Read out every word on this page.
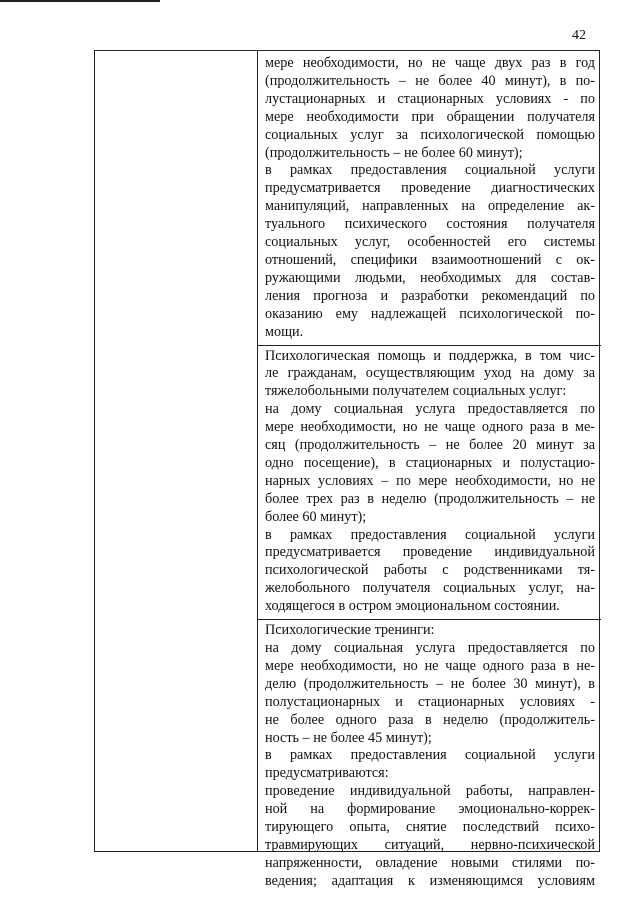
42
мере необходимости, но не чаще двух раз в год
(продолжительность – не более 40 минут), в по-
лустационарных и стационарных условиях - по
мере необходимости при обращении получателя
социальных услуг за психологической помощью
(продолжительность – не более 60 минут);
в рамках предоставления социальной услуги
предусматривается проведение диагностических
манипуляций, направленных на определение ак-
туального психического состояния получателя
социальных услуг, особенностей его системы
отношений, специфики взаимоотношений с ок-
ружающими людьми, необходимых для состав-
ления прогноза и разработки рекомендаций по
оказанию ему надлежащей психологической по-
мощи.
Психологическая помощь и поддержка, в том чис-
ле гражданам, осуществляющим уход на дому за
тяжелобольными получателем социальных услуг:
на дому социальная услуга предоставляется по
мере необходимости, но не чаще одного раза в ме-
сяц (продолжительность – не более 20 минут за
одно посещение), в стационарных и полустацио-
нарных условиях – по мере необходимости, но не
более трех раз в неделю (продолжительность – не
более 60 минут);
в рамках предоставления социальной услуги
предусматривается проведение индивидуальной
психологической работы с родственниками тя-
желобольного получателя социальных услуг, на-
ходящегося в остром эмоциональном состоянии.
Психологические тренинги:
на дому социальная услуга предоставляется по
мере необходимости, но не чаще одного раза в не-
делю (продолжительность – не более 30 минут), в
полустационарных и стационарных условиях -
не более одного раза в неделю (продолжитель-
ность – не более 45 минут);
в рамках предоставления социальной услуги
предусматриваются:
проведение индивидуальной работы, направлен-
ной на формирование эмоционально-коррек-
тирующего опыта, снятие последствий психо-
травмирующих ситуаций, нервно-психической
напряженности, овладение новыми стилями по-
ведения; адаптация к изменяющимся условиям
